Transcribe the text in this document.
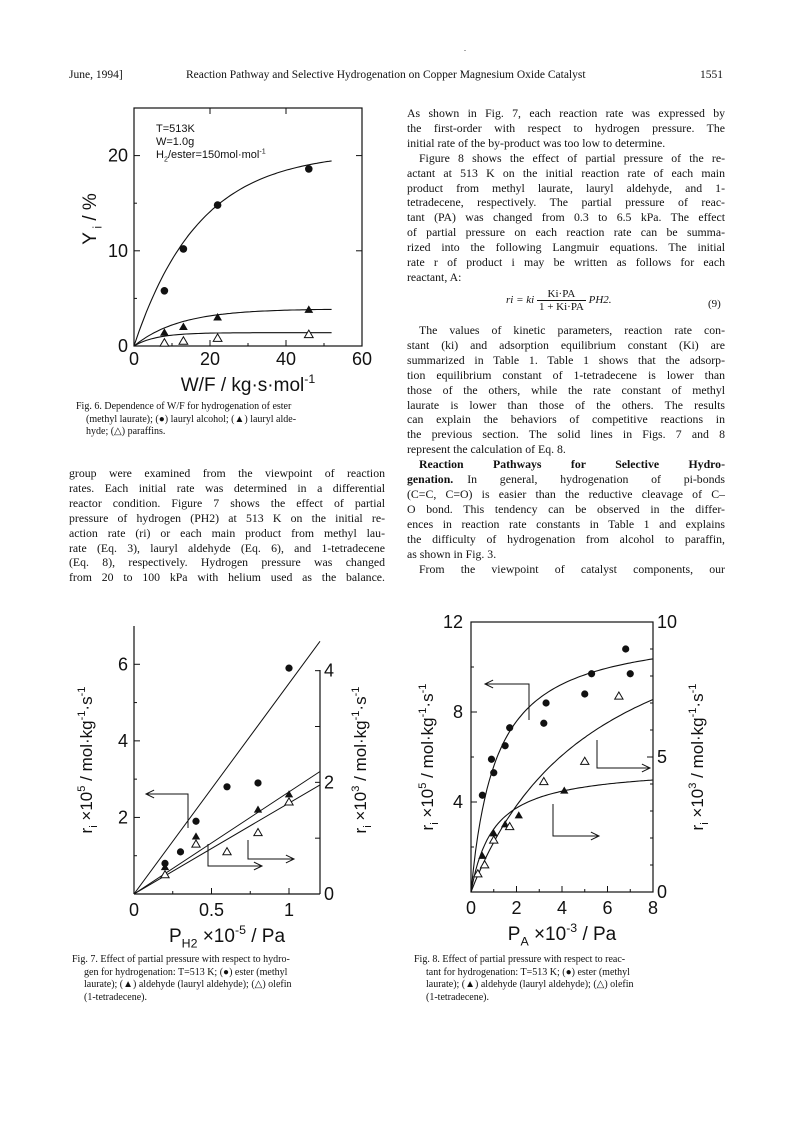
.
June, 1994]	Reaction Pathway and Selective Hydrogenation on Copper Magnesium Oxide Catalyst	1551
0	20	40	60
0
10
20
T=513K
W=1.0g
$H_2/ester=150mol\cdot mol^{-1}$
W/F / kg·s·mol$^{-1}$
Y $_i$ / %
Fig. 6. Dependence of W/F for hydrogenation of ester
(methyl laurate); (●) lauryl alcohol; (▲) lauryl alde-
hyde; (△) paraffins.
group were examined from the viewpoint of reaction
rates. Each initial rate was determined in a differential
reactor condition. Figure 7 shows the effect of partial
pressure of hydrogen (PH2) at 513 K on the initial re-
action rate (ri) or each main product from methyl lau-
rate (Eq. 3), lauryl aldehyde (Eq. 6), and 1-tetradecene
(Eq. 8), respectively. Hydrogen pressure was changed
from 20 to 100 kPa with helium used as the balance.
As shown in Fig. 7, each reaction rate was expressed by
the first-order with respect to hydrogen pressure. The
initial rate of the by-product was too low to determine.
Figure 8 shows the effect of partial pressure of the re-
actant at 513 K on the initial reaction rate of each main
product from methyl laurate, lauryl aldehyde, and 1-
tetradecene, respectively. The partial pressure of reac-
tant (PA) was changed from 0.3 to 6.5 kPa. The effect
of partial pressure on each reaction rate can be summa-
rized into the following Langmuir equations. The initial
rate r of product i may be written as follows for each
reactant, A:
ri = ki $\frac{Ki\cdot PA}{1 + Ki\cdot PA} PH2$.	(9)
The values of kinetic parameters, reaction rate con-
stant (ki) and adsorption equilibrium constant (Ki) are
summarized in Table 1. Table 1 shows that the adsorp-
tion equilibrium constant of 1-tetradecene is lower than
those of the others, while the rate constant of methyl
laurate is lower than those of the others. The results
can explain the behaviors of competitive reactions in
the previous section. The solid lines in Figs. 7 and 8
represent the calculation of Eq. 8.
Reaction Pathways for Selective Hydro-
genation.	In general, hydrogenation of pi-bonds
(C=C, C=O) is easier than the reductive cleavage of C–
O bond. This tendency can be observed in the differ-
ences in reaction rate constants in Table 1 and explains
the difficulty of hydrogenation from alcohol to paraffin,
as shown in Fig. 3.
From the viewpoint of catalyst components, our
2
4
6
0
2
4
0	0.5	1
$P_{H2} \times 10^{-5} / Pa$
$r_i \times 10^5 / mol\cdot kg^{-1}\cdot s^{-1}$
$r_i \times 10^3 / mol\cdot kg^{-1}\cdot s^{-1}$
Fig. 7. Effect of partial pressure with respect to hydro-
gen for hydrogenation: T=513 K; (●) ester (methyl
laurate); (▲) aldehyde (lauryl aldehyde); (△) olefin
(1-tetradecene).
4
8
12
0
5
10
0 2 4 6 8
$P_A \times 10^{-3} / Pa$
$r_i \times 10^5 / mol\cdot kg^{-1}\cdot s^{-1}$
$r_i \times 10^3 / mol\cdot kg^{-1}\cdot s^{-1}$
Fig. 8. Effect of partial pressure with respect to reac-
tant for hydrogenation: T=513 K; (●) ester (methyl
laurate); (▲) aldehyde (lauryl aldehyde); (△) olefin
(1-tetradecene).
